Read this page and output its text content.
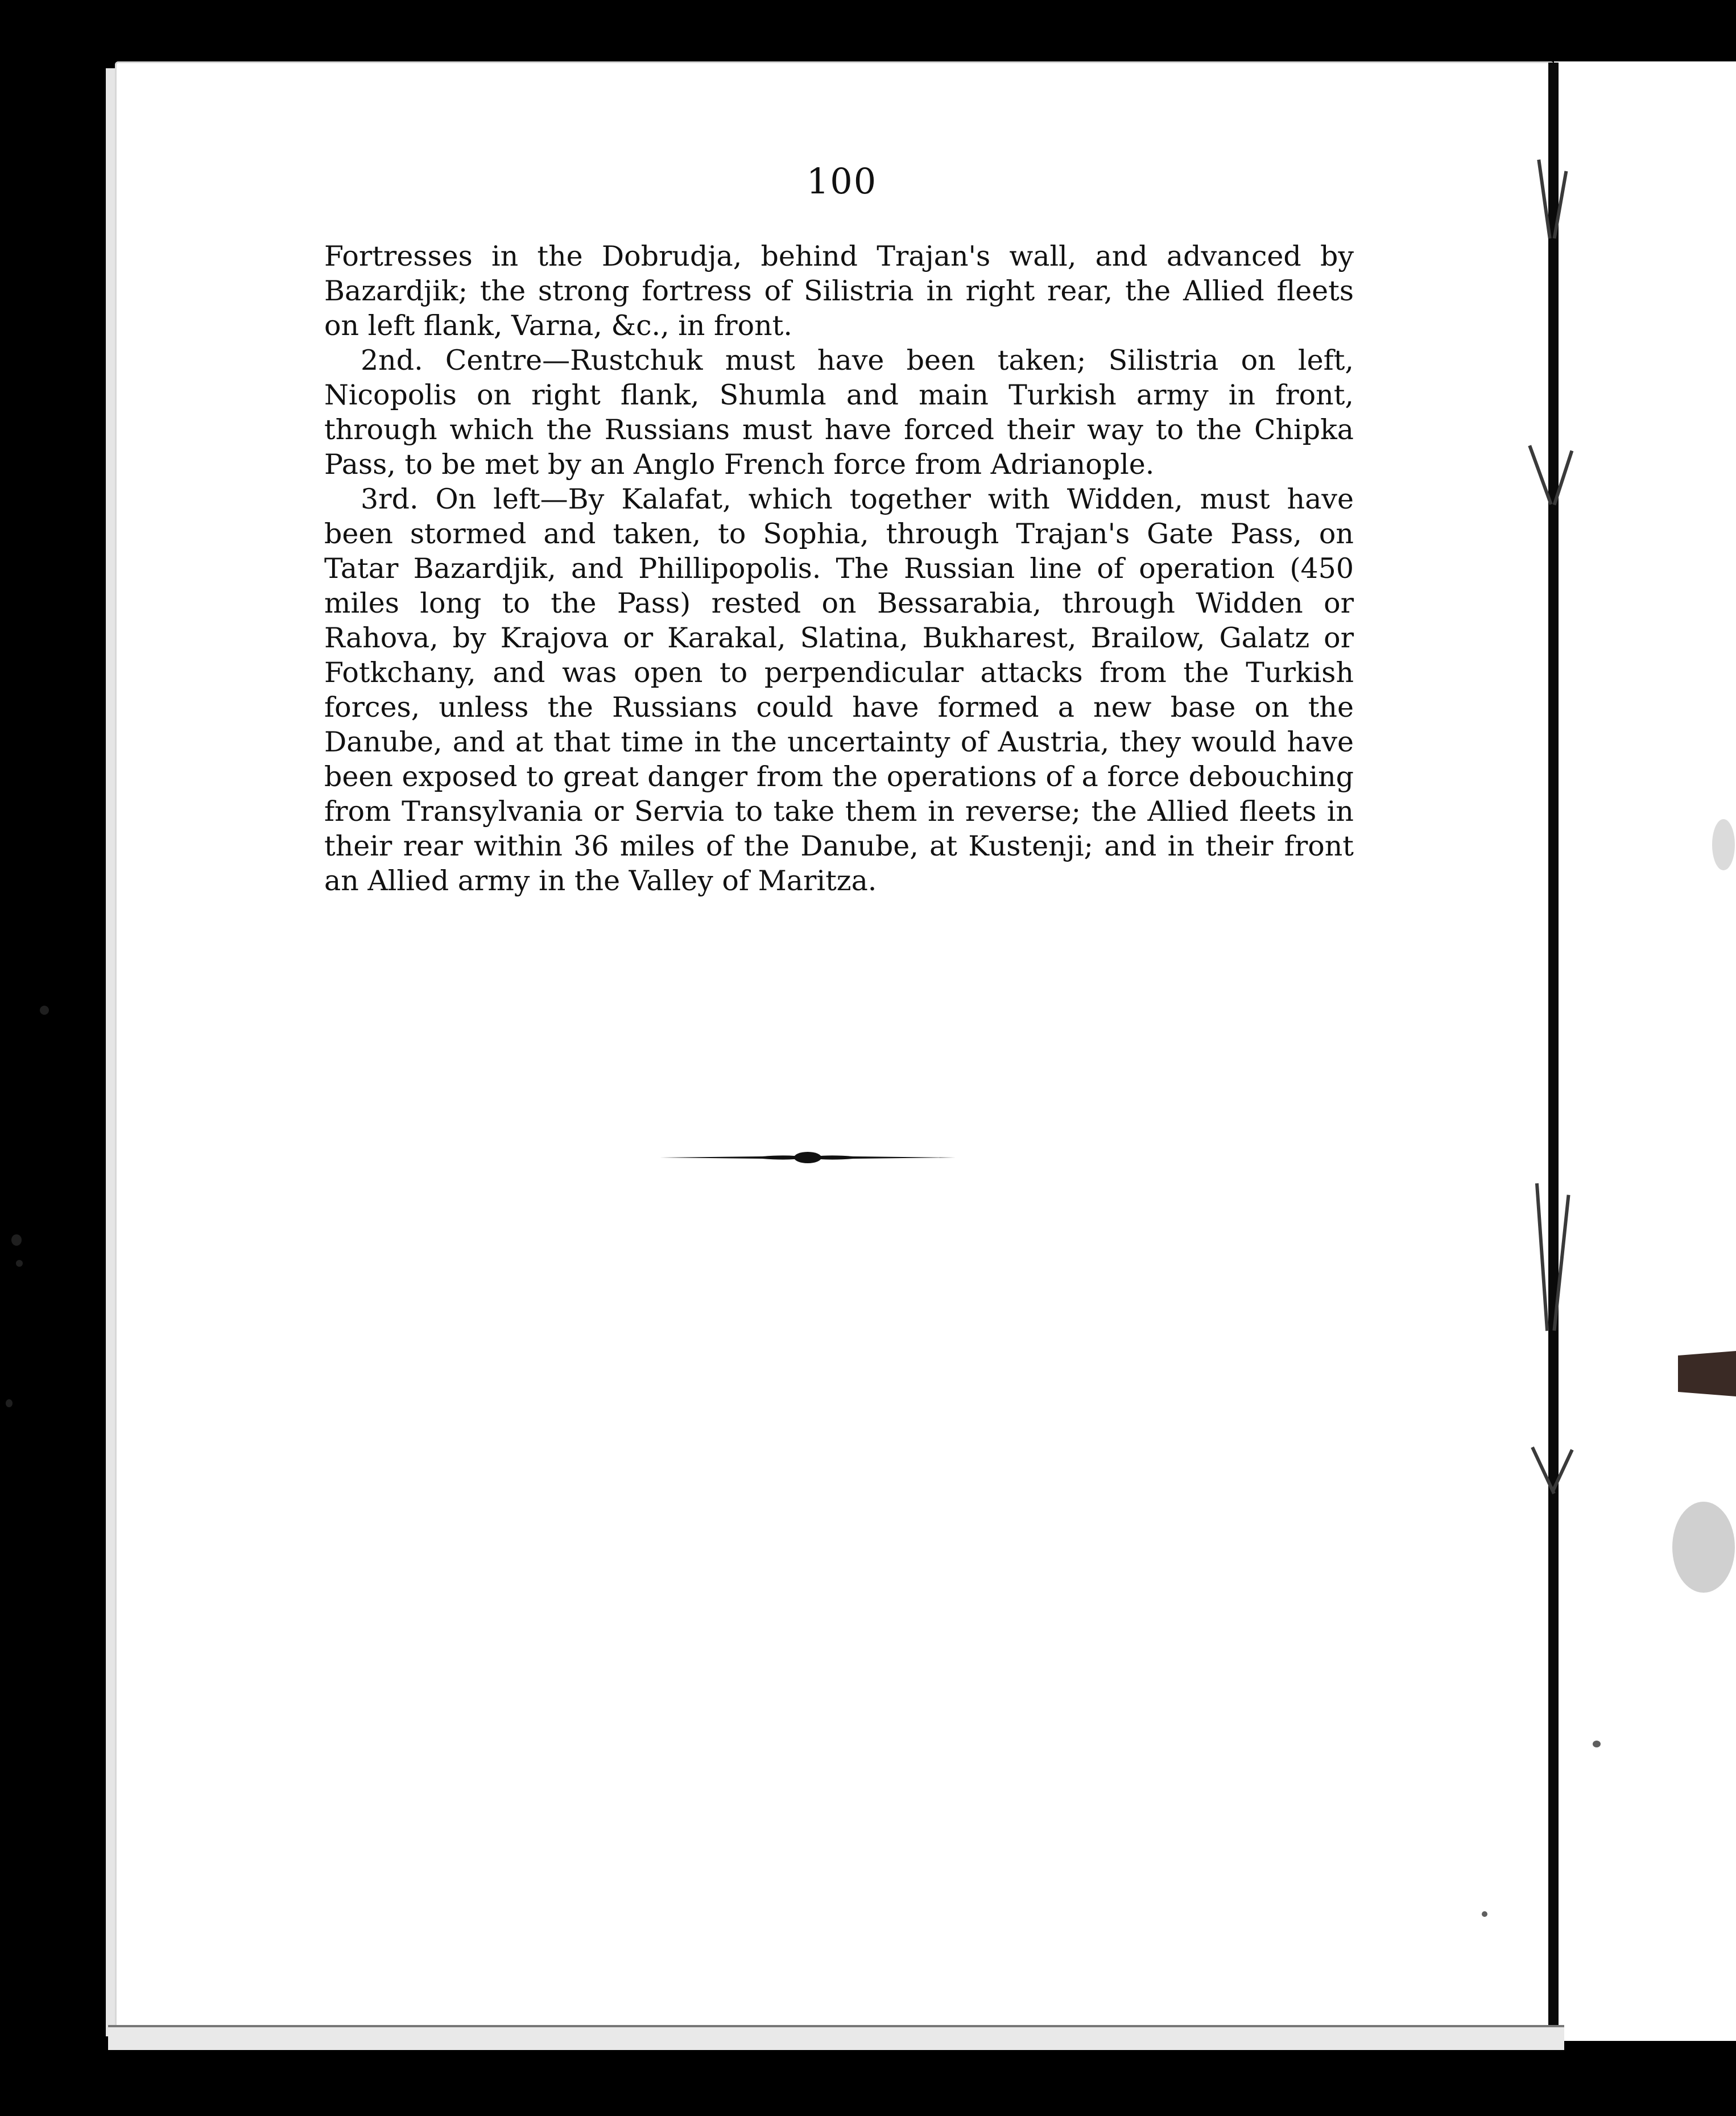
100

Fortresses in the Dobrudja, behind Trajan's wall, and advanced by Bazardjik; the strong fortress of Silistria in right rear, the Allied fleets on left flank, Varna, &c., in front.

2nd. Centre—Rustchuk must have been taken; Silistria on left, Nicopolis on right flank, Shumla and main Turkish army in front, through which the Russians must have forced their way to the Chipka Pass, to be met by an Anglo French force from Adrianople.

3rd. On left—By Kalafat, which together with Widden, must have been stormed and taken, to Sophia, through Trajan's Gate Pass, on Tatar Bazardjik, and Phillipopolis. The Russian line of operation (450 miles long to the Pass) rested on Bessarabia, through Widden or Rahova, by Krajova or Karakal, Slatina, Bukharest, Brailow, Galatz or Fotkchany, and was open to perpendicular attacks from the Turkish forces, unless the Russians could have formed a new base on the Danube, and at that time in the uncertainty of Austria, they would have been exposed to great danger from the operations of a force debouching from Transylvania or Servia to take them in reverse; the Allied fleets in their rear within 36 miles of the Danube, at Kustenji; and in their front an Allied army in the Valley of Maritza.
